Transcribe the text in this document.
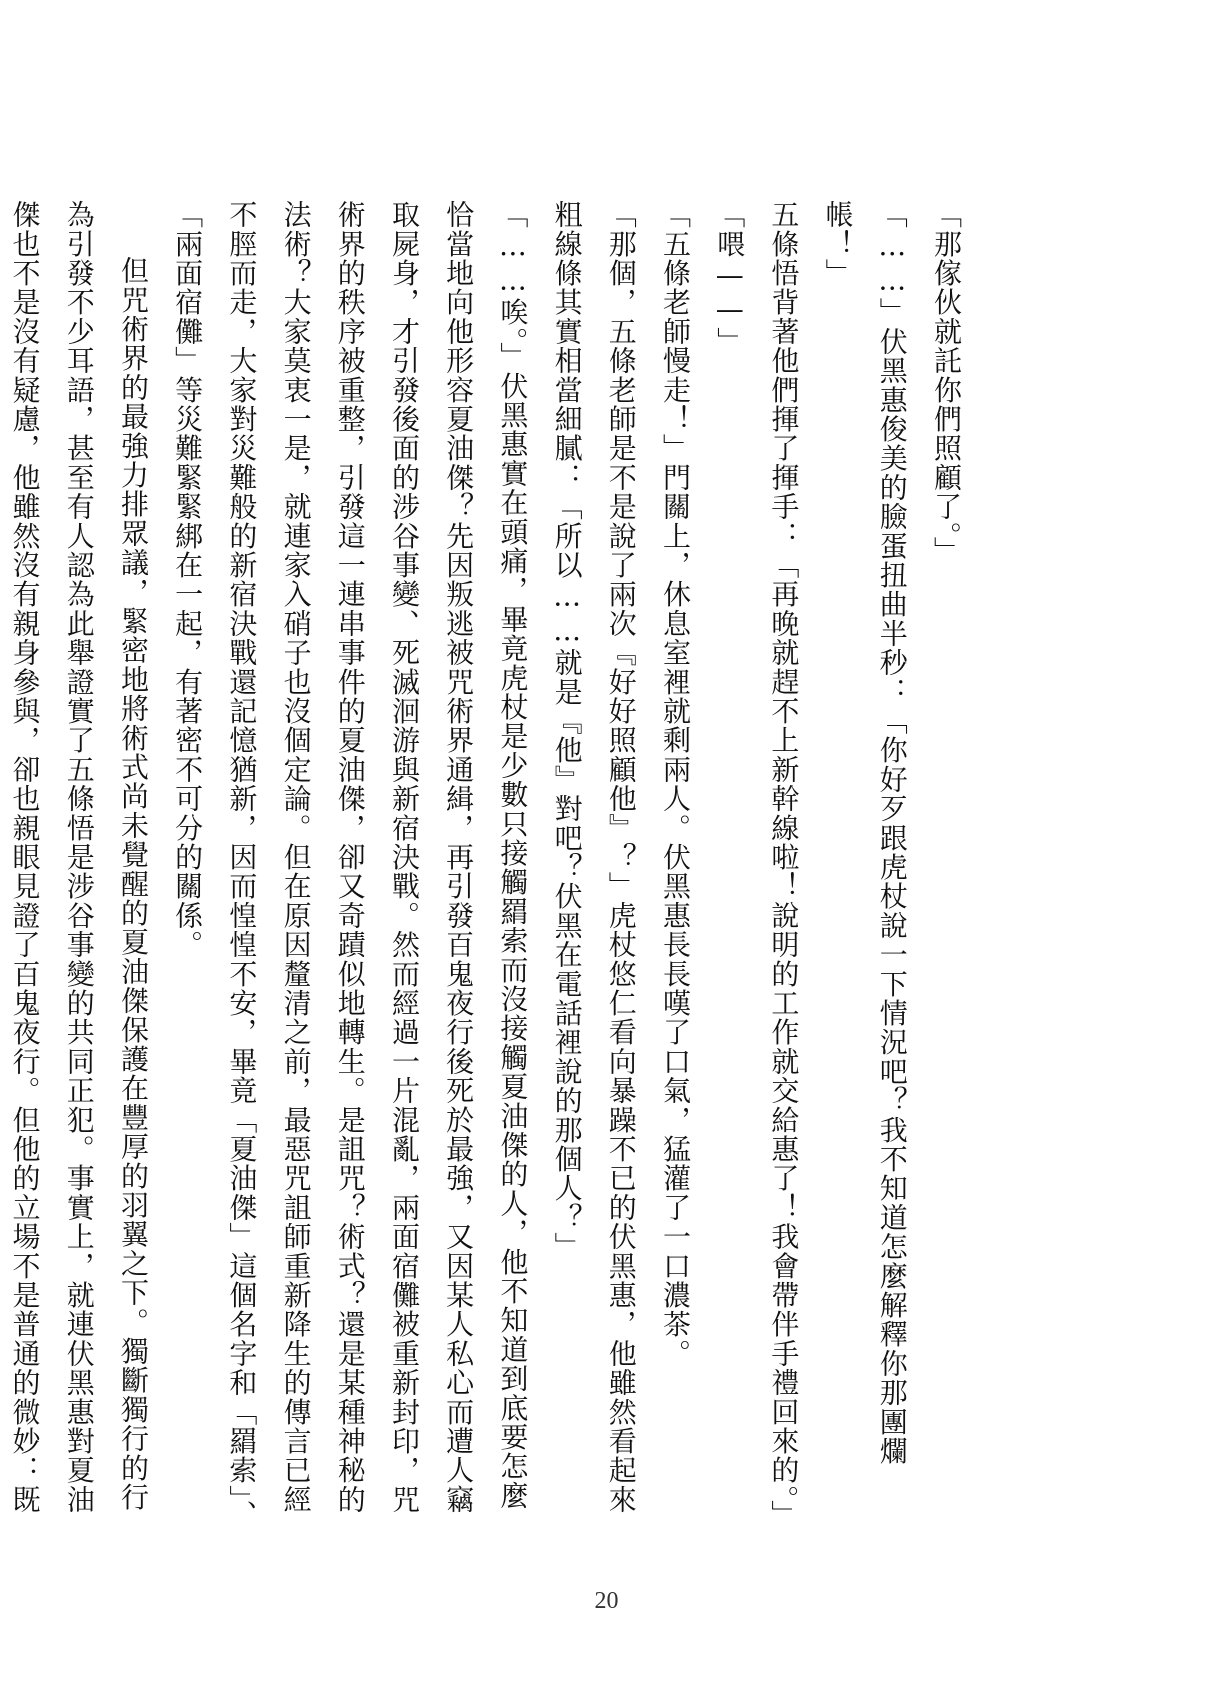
「那傢伙就託你們照顧了。」

「……」伏黑惠俊美的臉蛋扭曲半秒：「你好歹跟虎杖說一下情況吧？我不知道怎麼解釋你那團爛帳！」

五條悟背著他們揮了揮手：「再晚就趕不上新幹線啦！說明的工作就交給惠了！我會帶伴手禮回來的。」

「喂——」

「五條老師慢走！」門關上，休息室裡就剩兩人。伏黑惠長長嘆了口氣，猛灌了一口濃茶。

「那個，五條老師是不是說了兩次『好好照顧他』？」虎杖悠仁看向暴躁不已的伏黑惠，他雖然看起來粗線條其實相當細膩：「所以……就是『他』對吧？伏黑在電話裡說的那個人？」

「……唉。」伏黑惠實在頭痛，畢竟虎杖是少數只接觸羂索而沒接觸夏油傑的人，他不知道到底要怎麼恰當地向他形容夏油傑？先因叛逃被咒術界通緝，再引發百鬼夜行後死於最強，又因某人私心而遭人竊取屍身，才引發後面的涉谷事變、死滅洄游與新宿決戰。然而經過一片混亂，兩面宿儺被重新封印，咒術界的秩序被重整，引發這一連串事件的夏油傑，卻又奇蹟似地轉生。是詛咒？術式？還是某種神秘的法術？大家莫衷一是，就連家入硝子也沒個定論。但在原因釐清之前，最惡咒詛師重新降生的傳言已經不脛而走，大家對災難般的新宿決戰還記憶猶新，因而惶惶不安，畢竟「夏油傑」這個名字和「羂索」、「兩面宿儺」等災難緊緊綁在一起，有著密不可分的關係。

但咒術界的最強力排眾議，緊密地將術式尚未覺醒的夏油傑保護在豐厚的羽翼之下。獨斷獨行的行為引發不少耳語，甚至有人認為此舉證實了五條悟是涉谷事變的共同正犯。事實上，就連伏黑惠對夏油傑也不是沒有疑慮，他雖然沒有親身參與，卻也親眼見證了百鬼夜行。但他的立場不是普通的微妙：既

20
